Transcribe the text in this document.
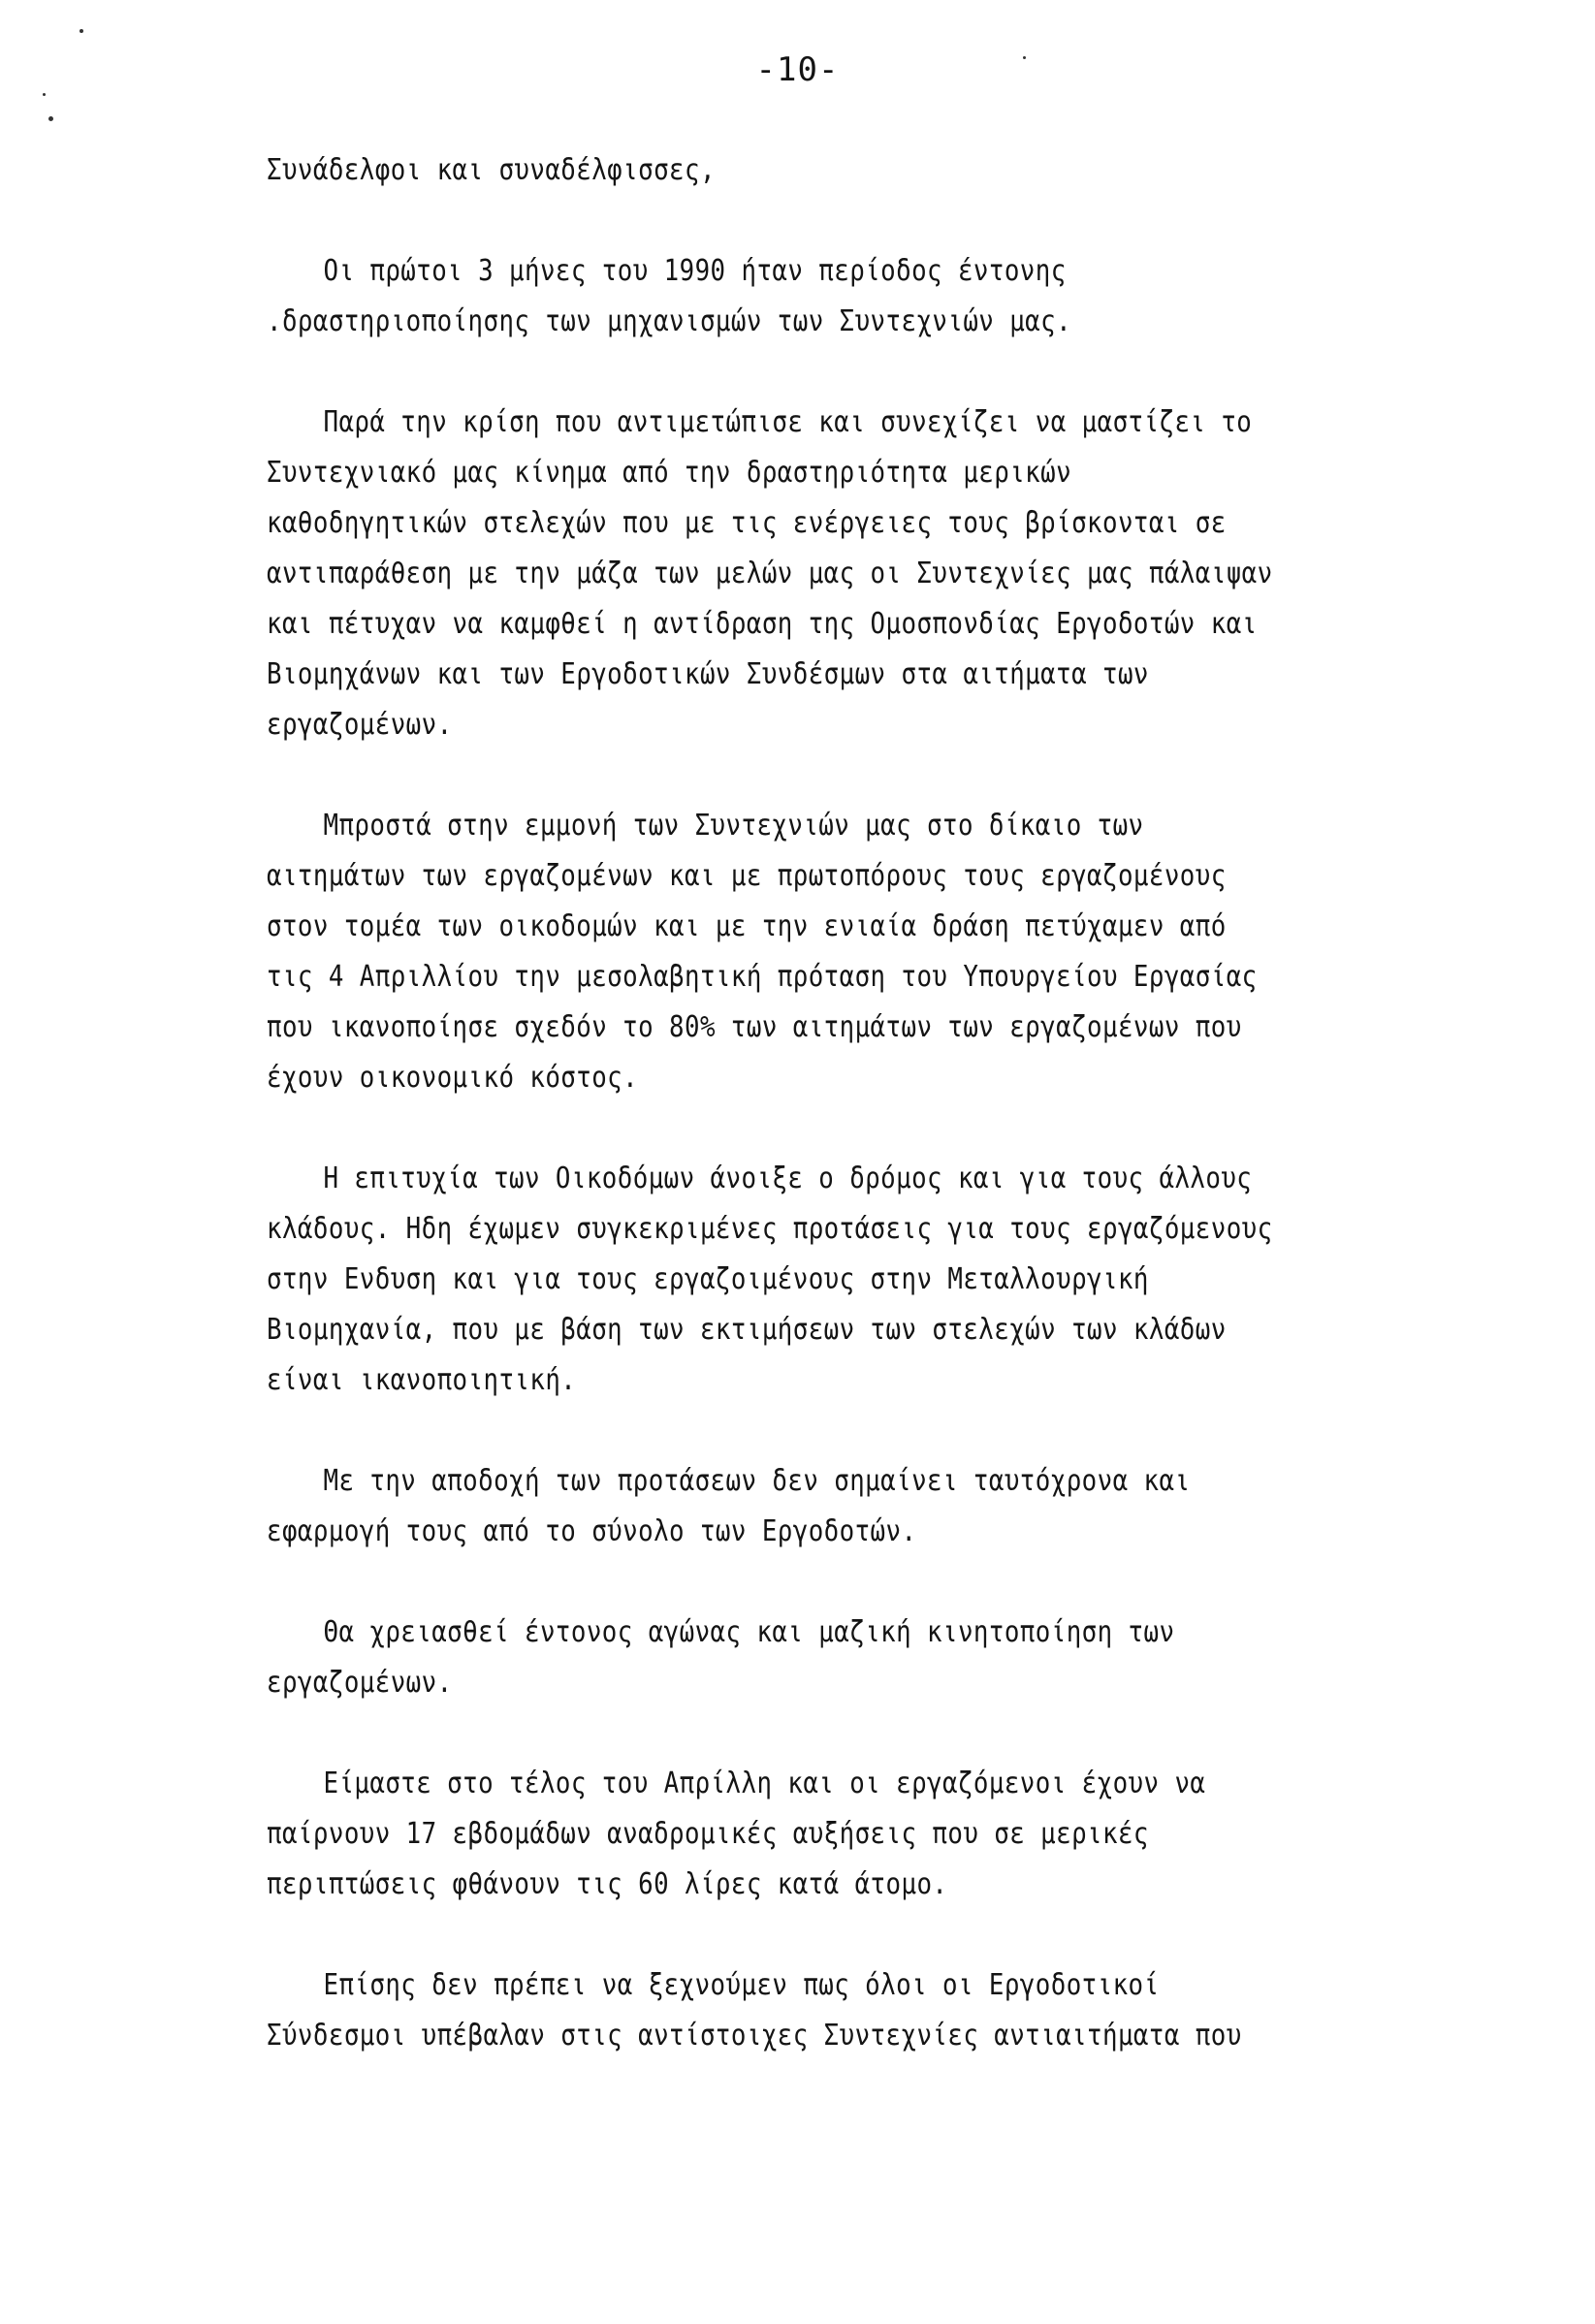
-10-
Συνάδελφοι και συναδέλφισσες,
Οι πρώτοι 3 μήνες του 1990 ήταν περίοδος έντονης
.δραστηριοποίησης των μηχανισμών των Συντεχνιών μας.
Παρά την κρίση που αντιμετώπισε και συνεχίζει να μαστίζει το
Συντεχνιακό μας κίνημα από την δραστηριότητα μερικών
καθοδηγητικών στελεχών που με τις ενέργειες τους βρίσκονται σε
αντιπαράθεση με την μάζα των μελών μας οι Συντεχνίες μας πάλαιψαν
και πέτυχαν να καμφθεί η αντίδραση της Ομοσπονδίας Εργοδοτών και
Βιομηχάνων και των Εργοδοτικών Συνδέσμων στα αιτήματα των
εργαζομένων.
Μπροστά στην εμμονή των Συντεχνιών μας στο δίκαιο των
αιτημάτων των εργαζομένων και με πρωτοπόρους τους εργαζομένους
στον τομέα των οικοδομών και με την ενιαία δράση πετύχαμεν από
τις 4 Απριλλίου την μεσολαβητική πρόταση του Υπουργείου Εργασίας
που ικανοποίησε σχεδόν το 80% των αιτημάτων των εργαζομένων που
έχουν οικονομικό κόστος.
Η επιτυχία των Οικοδόμων άνοιξε ο δρόμος και για τους άλλους
κλάδους. Ηδη έχωμεν συγκεκριμένες προτάσεις για τους εργαζόμενους
στην Ενδυση και για τους εργαζοιμένους στην Μεταλλουργική
Βιομηχανία, που με βάση των εκτιμήσεων των στελεχών των κλάδων
είναι ικανοποιητική.
Με την αποδοχή των προτάσεων δεν σημαίνει ταυτόχρονα και
εφαρμογή τους από το σύνολο των Εργοδοτών.
Θα χρειασθεί έντονος αγώνας και μαζική κινητοποίηση των
εργαζομένων.
Είμαστε στο τέλος του Απρίλλη και οι εργαζόμενοι έχουν να
παίρνουν 17 εβδομάδων αναδρομικές αυξήσεις που σε μερικές
περιπτώσεις φθάνουν τις 60 λίρες κατά άτομο.
Επίσης δεν πρέπει να ξεχνούμεν πως όλοι οι Εργοδοτικοί
Σύνδεσμοι υπέβαλαν στις αντίστοιχες Συντεχνίες αντιαιτήματα που
